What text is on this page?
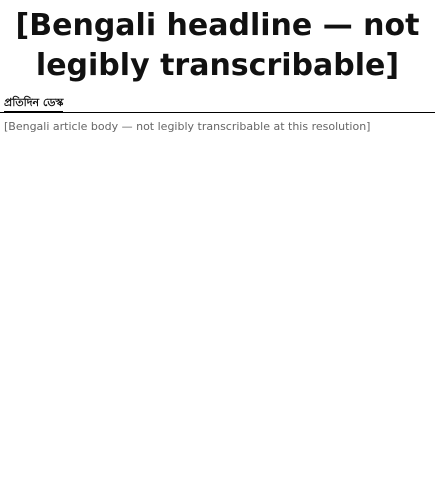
[Bengali headline — not legibly transcribable]
প্রতিদিন ডেস্ক

[Bengali article body — not legibly transcribable at this resolution]
